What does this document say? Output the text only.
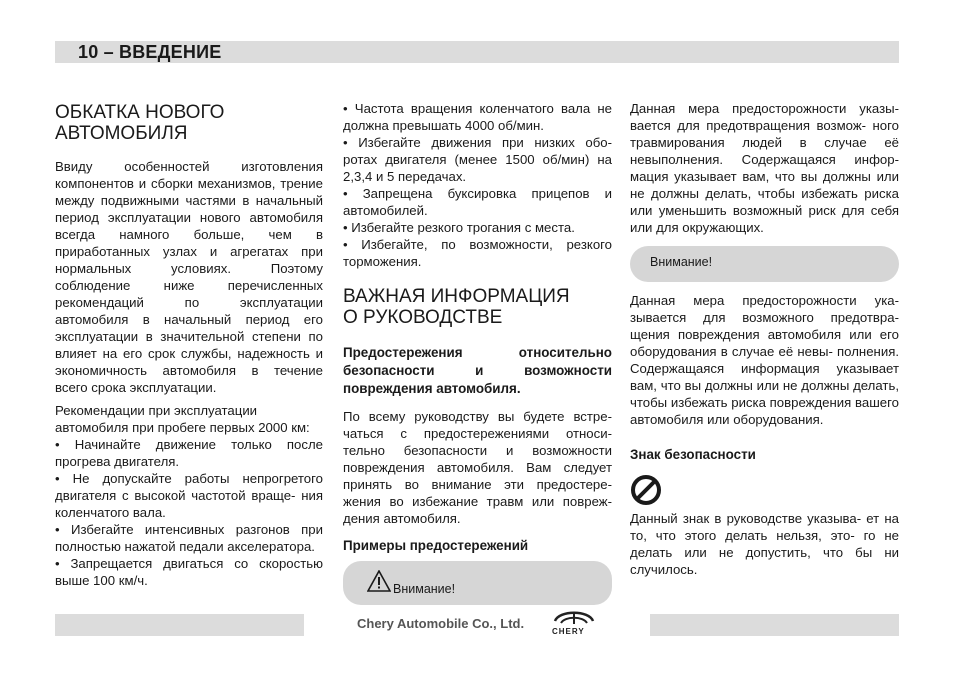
10 – ВВЕДЕНИЕ
ОБКАТКА НОВОГО
АВТОМОБИЛЯ

Ввиду особенностей изготовления компонентов и сборки механизмов, трение между подвижными частями в начальный период эксплуатации нового автомобиля всегда намного больше, чем в приработанных узлах и агрегатах при нормальных условиях. Поэтому соблюдение ниже перечисленных рекомендаций по эксплуатации автомобиля в начальный период его эксплуатации в значительной степени по влияет на его срок службы, надежность и экономичность автомобиля в течение всего срока эксплуатации.

Рекомендации при эксплуатации автомобиля при пробеге первых 2000 км:

• Начинайте движение только после прогрева двигателя.
• Не допускайте работы непрогретого двигателя с высокой частотой враще- ния коленчатого вала.
• Избегайте интенсивных разгонов при полностью нажатой педали акселератора.
• Запрещается двигаться со скоростью выше 100 км/ч.
• Частота вращения коленчатого вала не должна превышать 4000 об/мин.
• Избегайте движения при низких обо- ротах двигателя (менее 1500 об/мин) на 2,3,4 и 5 передачах.
• Запрещена буксировка прицепов и автомобилей.
• Избегайте резкого трогания с места.
• Избегайте, по возможности, резкого торможения.
ВАЖНАЯ ИНФОРМАЦИЯ
О РУКОВОДСТВЕ

Предостережения относительно безопасности и возможности повреждения автомобиля.

По всему руководству вы будете встре- чаться с предостережениями относи- тельно безопасности и возможности повреждения автомобиля. Вам следует принять во внимание эти предостере- жения во избежание травм или повреж- дения автомобиля.

Примеры предостережений

Внимание!

Данная мера предосторожности указы- вается для предотвращения возмож- ного травмирования людей в случае её невыполнения. Содержащаяся инфор- мация указывает вам, что вы должны или не должны делать, чтобы избежать риска или уменьшить возможный риск для себя или для окружающих.

Внимание!

Данная мера предосторожности ука- зывается для возможного предотвра- щения повреждения автомобиля или его оборудования в случае её невы- полнения. Содержащаяся информация указывает вам, что вы должны или не должны делать, чтобы избежать риска повреждения вашего автомобиля или оборудования.

Знак безопасности

Данный знак в руководстве указыва- ет на то, что этого делать нельзя, это- го не делать или не допустить, что бы ни случилось.

Chery Automobile Co., Ltd.
CHERY
